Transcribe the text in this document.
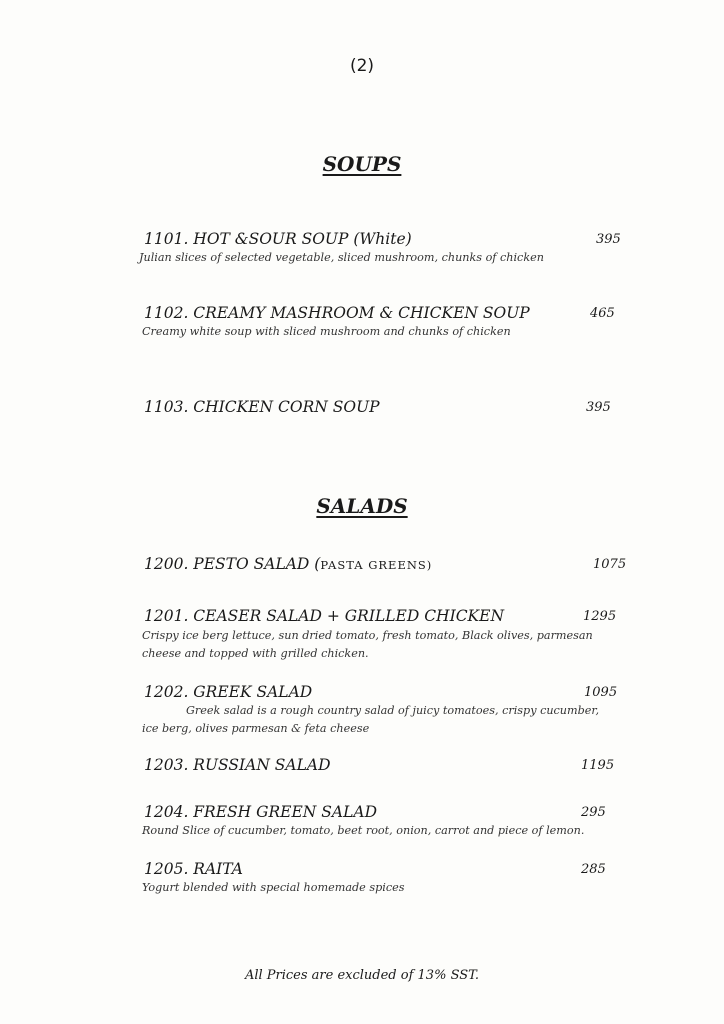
(2)
SOUPS
1101. HOT &SOUR SOUP (White)	395
Julian slices of selected vegetable, sliced mushroom, chunks of chicken
1102. CREAMY MASHROOM & CHICKEN SOUP	465
Creamy white soup with sliced mushroom and chunks of chicken
1103. CHICKEN CORN SOUP	395
SALADS
1200. PESTO SALAD (PASTA GREENS)	1075
1201. CEASER SALAD + GRILLED CHICKEN	1295
Crispy ice berg lettuce, sun dried tomato, fresh tomato, Black olives, parmesan
cheese and topped with grilled chicken.
1202. GREEK SALAD	1095
Greek salad is a rough country salad of juicy tomatoes, crispy cucumber,
ice berg, olives parmesan & feta cheese
1203. RUSSIAN SALAD	1195
1204. FRESH GREEN SALAD	295
Round Slice of cucumber, tomato, beet root, onion, carrot and piece of lemon.
1205. RAITA	285
Yogurt blended with special homemade spices
All Prices are excluded of 13% SST.
